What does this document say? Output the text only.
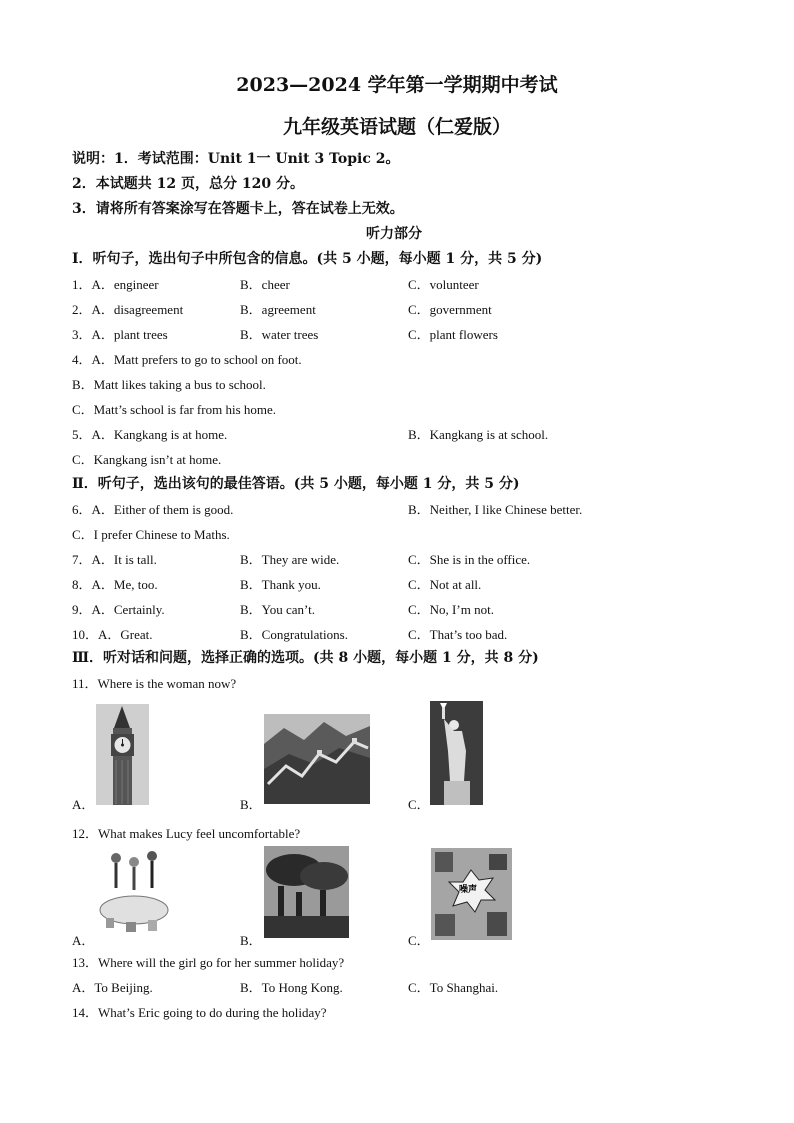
2023—2024 学年第一学期期中考试
九年级英语试题（仁爱版）
说明：1．考试范围：Unit 1一 Unit 3 Topic 2。
2．本试题共 12 页，总分 120 分。
3．请将所有答案涂写在答题卡上，答在试卷上无效。
听力部分
Ⅰ．听句子，选出句子中所包含的信息。(共 5 小题，每小题 1 分，共 5 分)
1．A．engineer	B．cheer	C．volunteer
2．A．disagreement	B．agreement	C．government
3．A．plant trees	B．water trees	C．plant flowers
4．A．Matt prefers to go to school on foot.
B．Matt likes taking a bus to school.
C．Matt’s school is far from his home.
5．A．Kangkang is at home.	B．Kangkang is at school.
C．Kangkang isn’t at home.
Ⅱ．听句子，选出该句的最佳答语。(共 5 小题，每小题 1 分，共 5 分)
6．A．Either of them is good.	B．Neither, I like Chinese better.
C．I prefer Chinese to Maths.
7．A．It is tall.	B．They are wide.	C．She is in the office.
8．A．Me, too.	B．Thank you.	C．Not at all.
9．A．Certainly.	B．You can’t.	C．No, I’m not.
10．A．Great.	B．Congratulations.	C．That’s too bad.
Ⅲ．听对话和问题，选择正确的选项。(共 8 小题，每小题 1 分，共 8 分)
11．Where is the woman now?
A．	B．	C．
12．What makes Lucy feel uncomfortable?
A．	B．
噪声
C．
13．Where will the girl go for her summer holiday?
A．To Beijing.	B．To Hong Kong.	C．To Shanghai.
14．What’s Eric going to do during the holiday?
